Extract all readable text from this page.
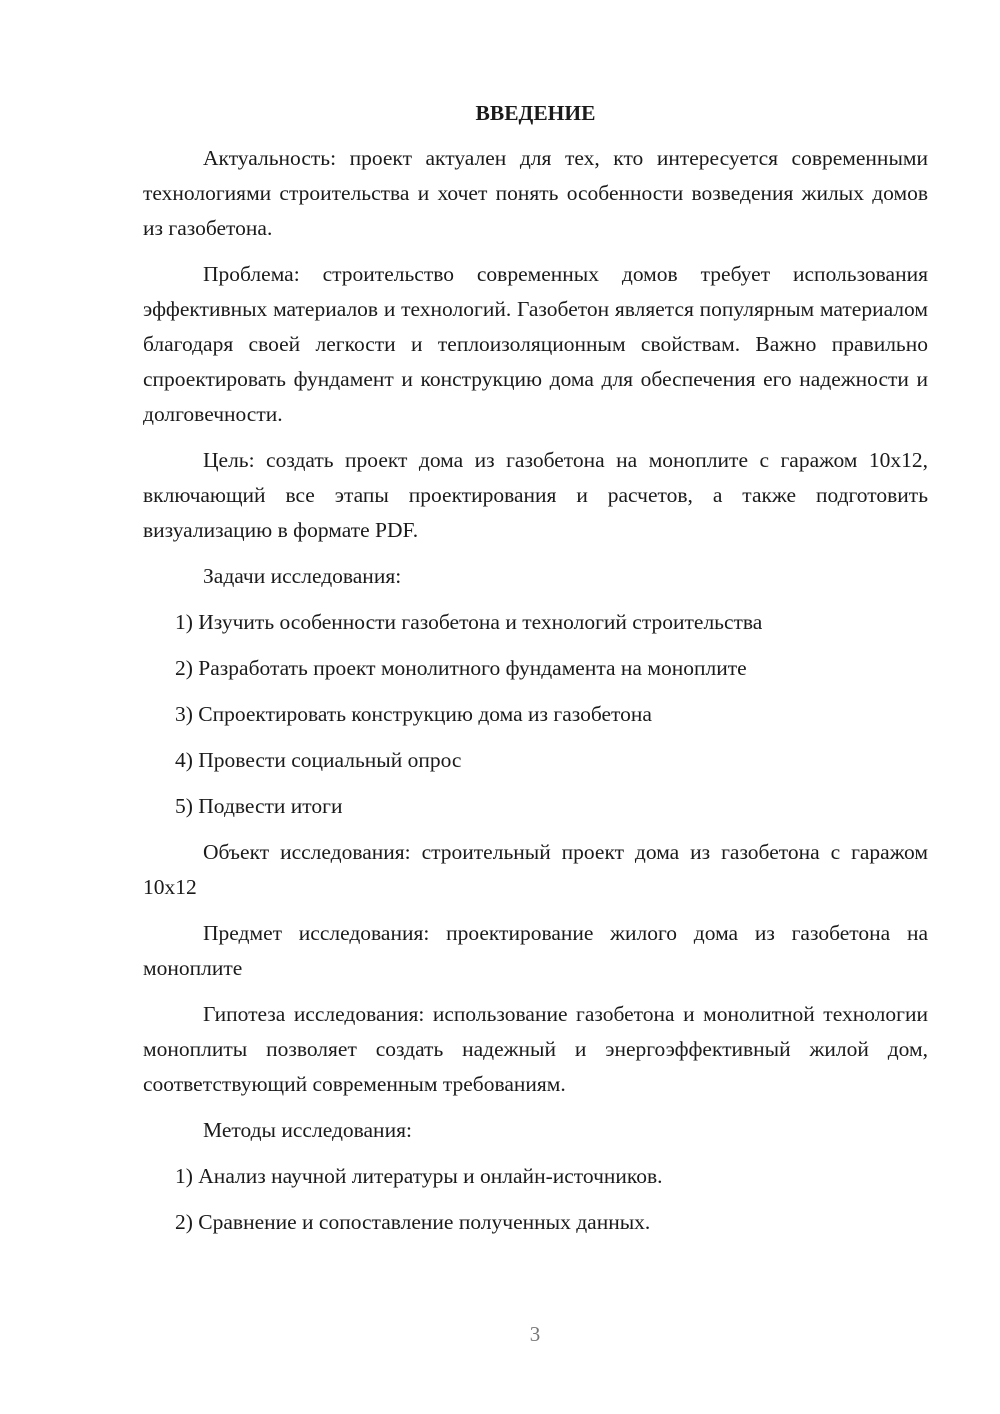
ВВЕДЕНИЕ

Актуальность: проект актуален для тех, кто интересуется современными технологиями строительства и хочет понять особенности возведения жилых домов из газобетона.

Проблема: строительство современных домов требует использования эффективных материалов и технологий. Газобетон является популярным материалом благодаря своей легкости и теплоизоляционным свойствам. Важно правильно спроектировать фундамент и конструкцию дома для обеспечения его надежности и долговечности.

Цель: создать проект дома из газобетона на моноплите с гаражом 10х12, включающий все этапы проектирования и расчетов, а также подготовить визуализацию в формате PDF.

Задачи исследования:

1) Изучить особенности газобетона и технологий строительства
2) Разработать проект монолитного фундамента на моноплите
3) Спроектировать конструкцию дома из газобетона
4) Провести социальный опрос
5) Подвести итоги

Объект исследования: строительный проект дома из газобетона с гаражом 10х12

Предмет исследования: проектирование жилого дома из газобетона на моноплите

Гипотеза исследования: использование газобетона и монолитной технологии моноплиты позволяет создать надежный и энергоэффективный жилой дом, соответствующий современным требованиям.

Методы исследования:

1) Анализ научной литературы и онлайн-источников.
2) Сравнение и сопоставление полученных данных.
3
